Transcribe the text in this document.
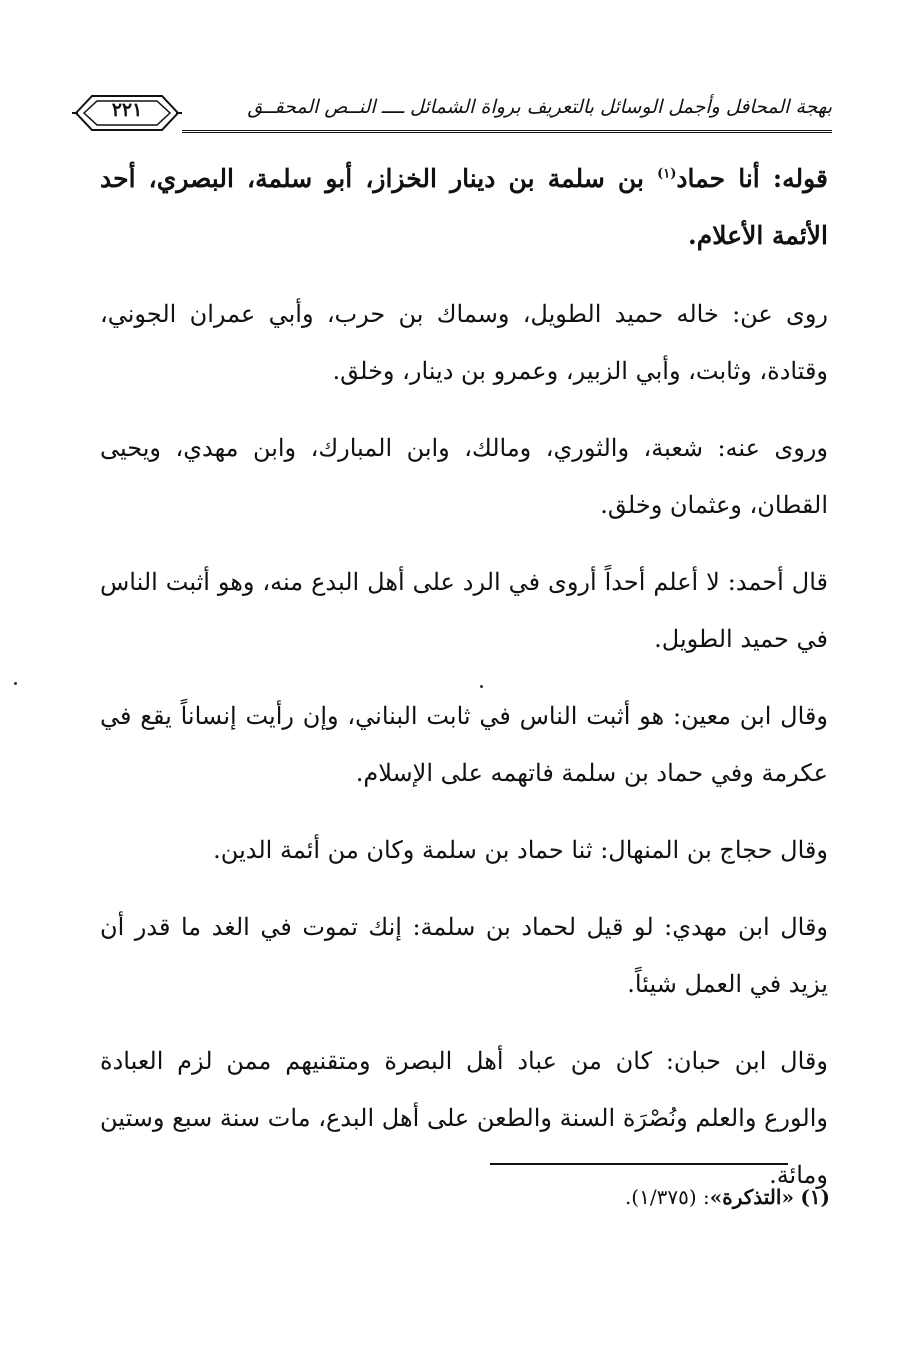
٢٢١	بهجة المحافل وأجمل الوسائل بالتعريف برواة الشمائل ــــ النــص المحقــق

قوله: أنا حماد$^{(١)}$ بن سلمة بن دينار الخزاز، أبو سلمة، البصري، أحد الأئمة الأعلام.

روى عن: خاله حميد الطويل، وسماك بن حرب، وأبي عمران الجوني، وقتادة، وثابت، وأبي الزبير، وعمرو بن دينار، وخلق.

وروى عنه: شعبة، والثوري، ومالك، وابن المبارك، وابن مهدي، ويحيى القطان، وعثمان وخلق.

قال أحمد: لا أعلم أحداً أروى في الرد على أهل البدع منه، وهو أثبت الناس في حميد الطويل.

وقال ابن معين: هو أثبت الناس في ثابت البناني، وإن رأيت إنساناً يقع في عكرمة وفي حماد بن سلمة فاتهمه على الإسلام.

وقال حجاج بن المنهال: ثنا حماد بن سلمة وكان من أئمة الدين.

وقال ابن مهدي: لو قيل لحماد بن سلمة: إنك تموت في الغد ما قدر أن يزيد في العمل شيئاً.

وقال ابن حبان: كان من عباد أهل البصرة ومتقنيهم ممن لزم العبادة والورع والعلم ونُصْرَة السنة والطعن على أهل البدع، مات سنة سبع وستين ومائة.

(١) «التذكرة»: (١/٣٧٥).
